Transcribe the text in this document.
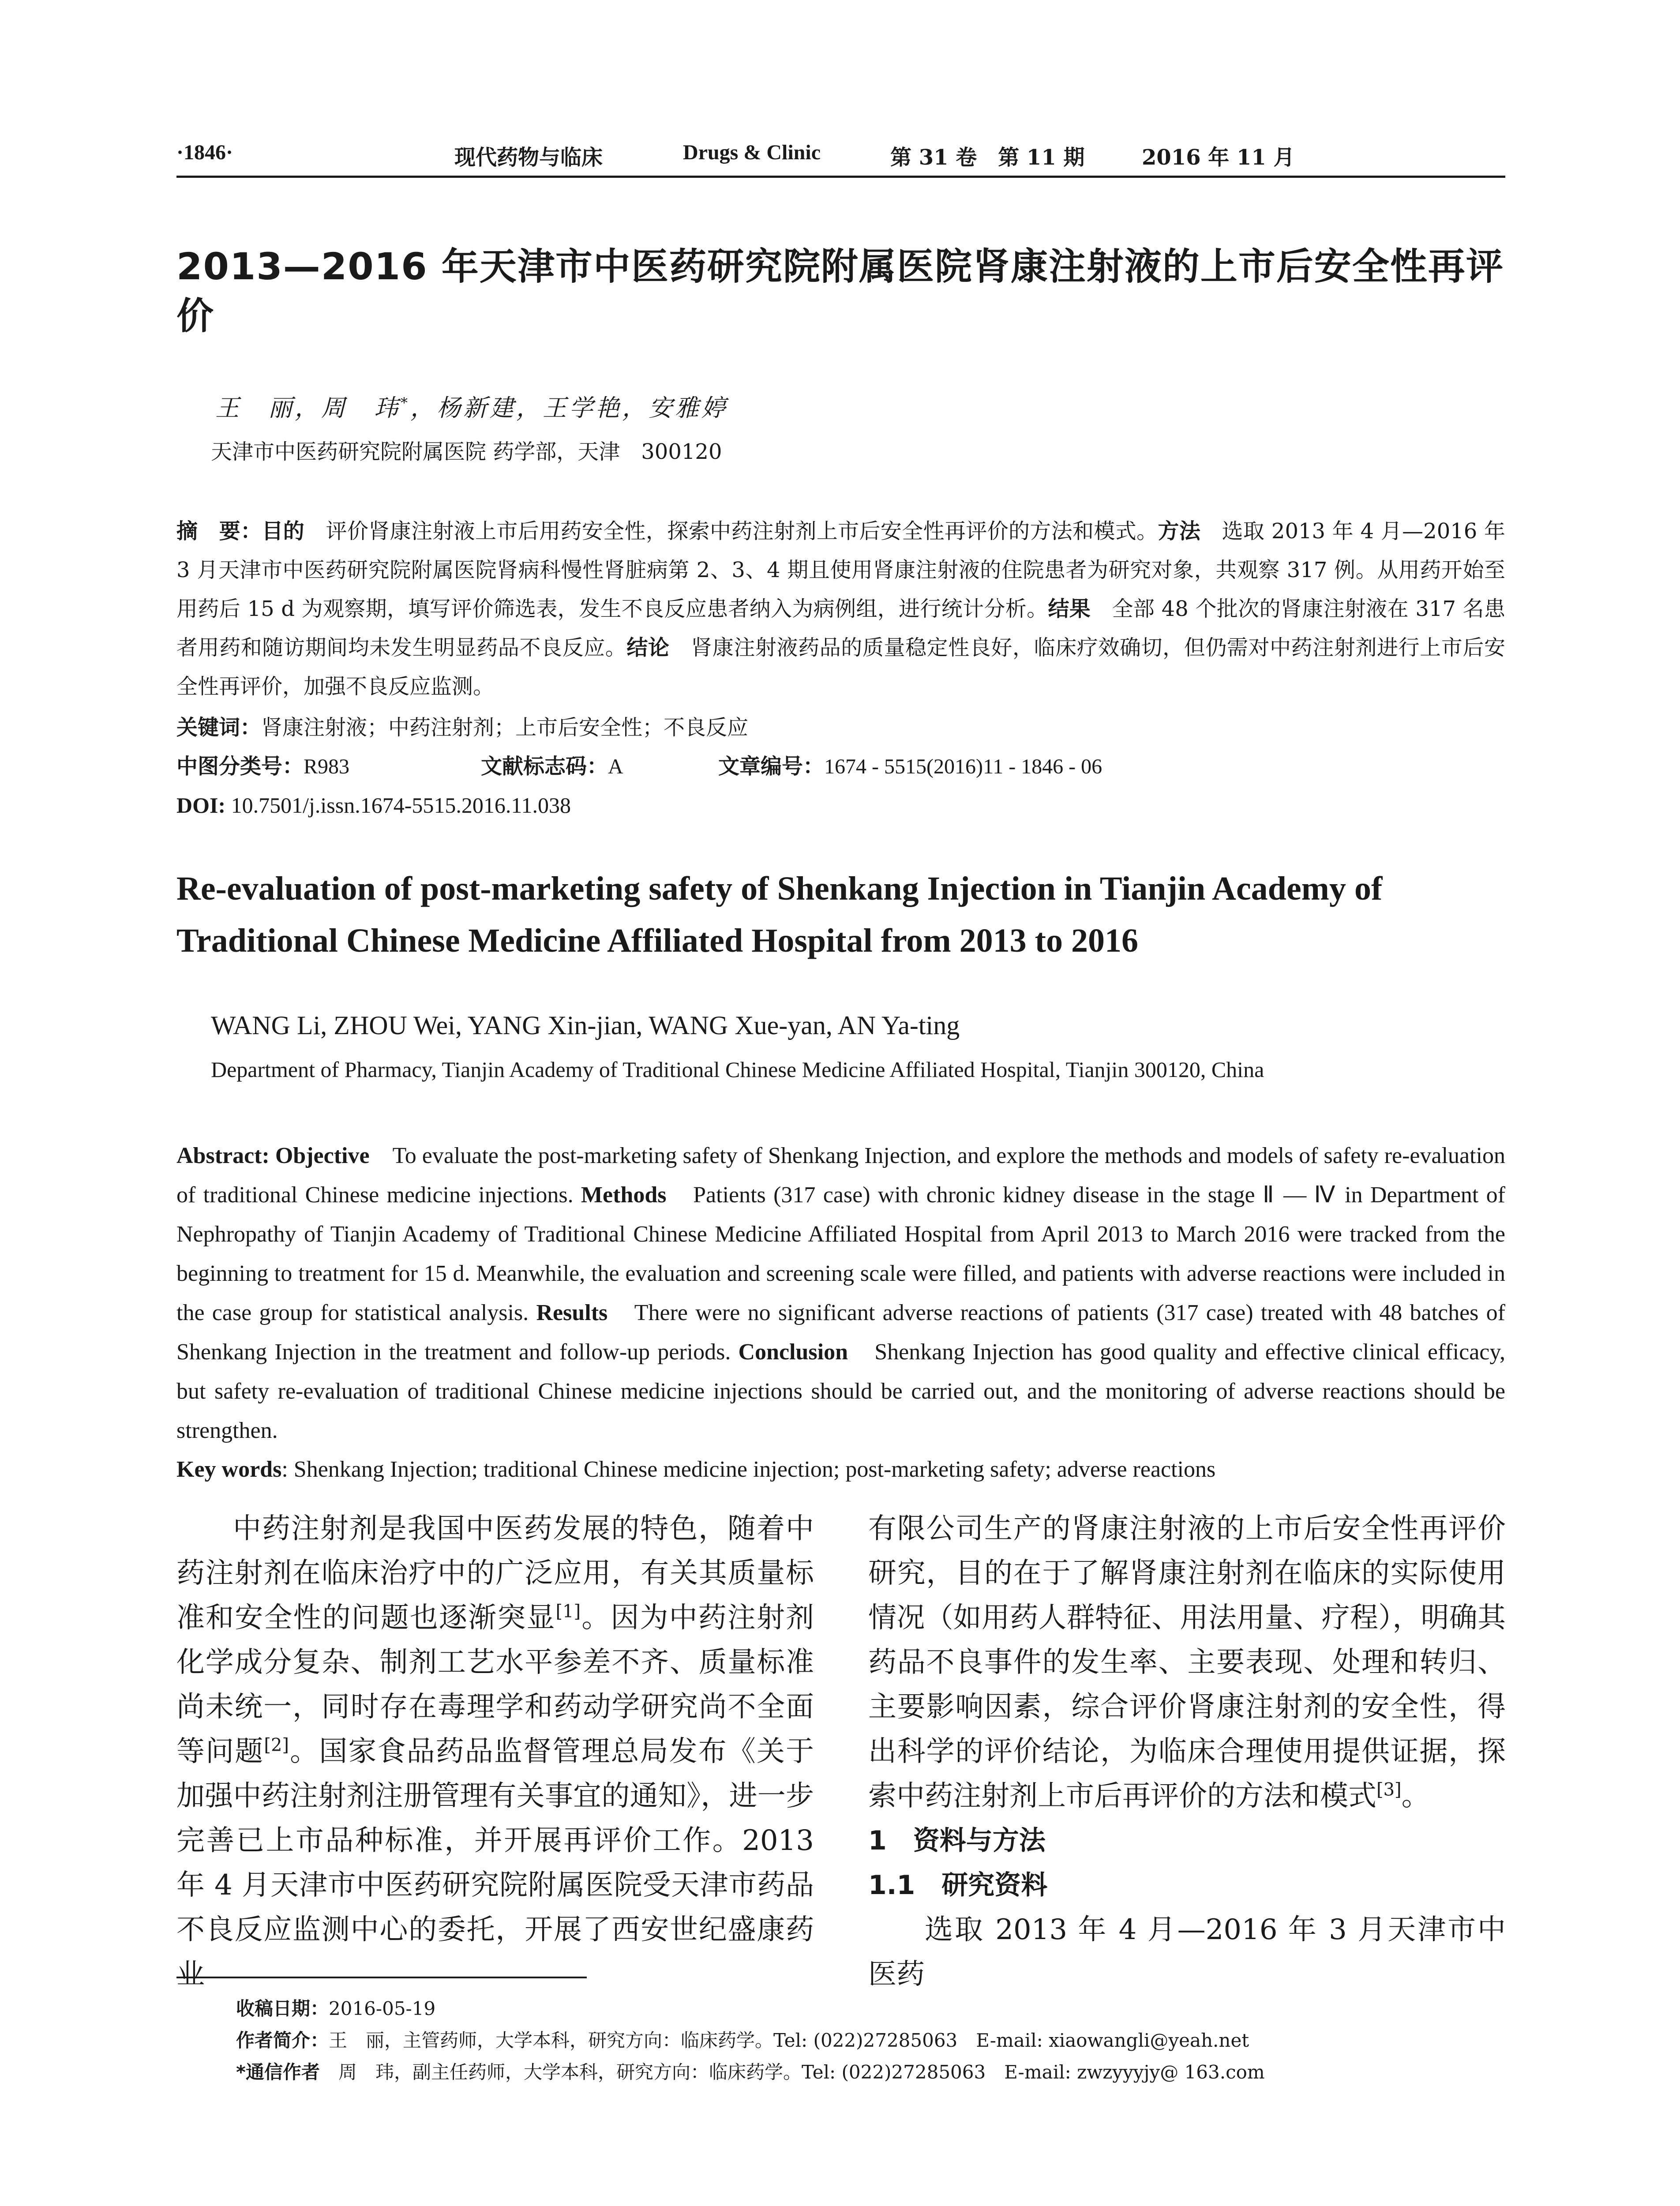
·1846·	现代药物与临床	Drugs & Clinic	第 31 卷　第 11 期	2016 年 11 月
2013—2016 年天津市中医药研究院附属医院肾康注射液的上市后安全性再评价
王　丽，周　玮*，杨新建，王学艳，安雅婷
天津市中医药研究院附属医院 药学部，天津　300120
摘　要：目的　评价肾康注射液上市后用药安全性，探索中药注射剂上市后安全性再评价的方法和模式。方法　选取 2013 年 4 月—2016 年 3 月天津市中医药研究院附属医院肾病科慢性肾脏病第 2、3、4 期且使用肾康注射液的住院患者为研究对象，共观察 317 例。从用药开始至用药后 15 d 为观察期，填写评价筛选表，发生不良反应患者纳入为病例组，进行统计分析。结果　全部 48 个批次的肾康注射液在 317 名患者用药和随访期间均未发生明显药品不良反应。结论　肾康注射液药品的质量稳定性良好，临床疗效确切，但仍需对中药注射剂进行上市后安全性再评价，加强不良反应监测。
关键词：肾康注射液；中药注射剂；上市后安全性；不良反应
中图分类号：R983	文献标志码：A	文章编号：1674 - 5515(2016)11 - 1846 - 06
DOI: 10.7501/j.issn.1674-5515.2016.11.038
Re-evaluation of post-marketing safety of Shenkang Injection in Tianjin Academy of Traditional Chinese Medicine Affiliated Hospital from 2013 to 2016
WANG Li, ZHOU Wei, YANG Xin-jian, WANG Xue-yan, AN Ya-ting
Department of Pharmacy, Tianjin Academy of Traditional Chinese Medicine Affiliated Hospital, Tianjin 300120, China
Abstract: Objective　To evaluate the post-marketing safety of Shenkang Injection, and explore the methods and models of safety re-evaluation of traditional Chinese medicine injections. Methods　Patients (317 case) with chronic kidney disease in the stage Ⅱ — Ⅳ in Department of Nephropathy of Tianjin Academy of Traditional Chinese Medicine Affiliated Hospital from April 2013 to March 2016 were tracked from the beginning to treatment for 15 d. Meanwhile, the evaluation and screening scale were filled, and patients with adverse reactions were included in the case group for statistical analysis. Results　There were no significant adverse reactions of patients (317 case) treated with 48 batches of Shenkang Injection in the treatment and follow-up periods. Conclusion　Shenkang Injection has good quality and effective clinical efficacy, but safety re-evaluation of traditional Chinese medicine injections should be carried out, and the monitoring of adverse reactions should be strengthen.
Key words: Shenkang Injection; traditional Chinese medicine injection; post-marketing safety; adverse reactions
中药注射剂是我国中医药发展的特色，随着中药注射剂在临床治疗中的广泛应用，有关其质量标准和安全性的问题也逐渐突显[1]。因为中药注射剂化学成分复杂、制剂工艺水平参差不齐、质量标准尚未统一，同时存在毒理学和药动学研究尚不全面等问题[2]。国家食品药品监督管理总局发布《关于加强中药注射剂注册管理有关事宜的通知》，进一步完善已上市品种标准，并开展再评价工作。2013 年 4 月天津市中医药研究院附属医院受天津市药品不良反应监测中心的委托，开展了西安世纪盛康药业
有限公司生产的肾康注射液的上市后安全性再评价研究，目的在于了解肾康注射剂在临床的实际使用情况（如用药人群特征、用法用量、疗程），明确其药品不良事件的发生率、主要表现、处理和转归、主要影响因素，综合评价肾康注射剂的安全性，得出科学的评价结论，为临床合理使用提供证据，探索中药注射剂上市后再评价的方法和模式[3]。
1　资料与方法
1.1　研究资料
选取 2013 年 4 月—2016 年 3 月天津市中医药
收稿日期：2016-05-19
作者简介：王　丽，主管药师，大学本科，研究方向：临床药学。Tel: (022)27285063　E-mail: xiaowangli@yeah.net
*通信作者　周　玮，副主任药师，大学本科，研究方向：临床药学。Tel: (022)27285063　E-mail: zwzyyyjy@ 163.com
